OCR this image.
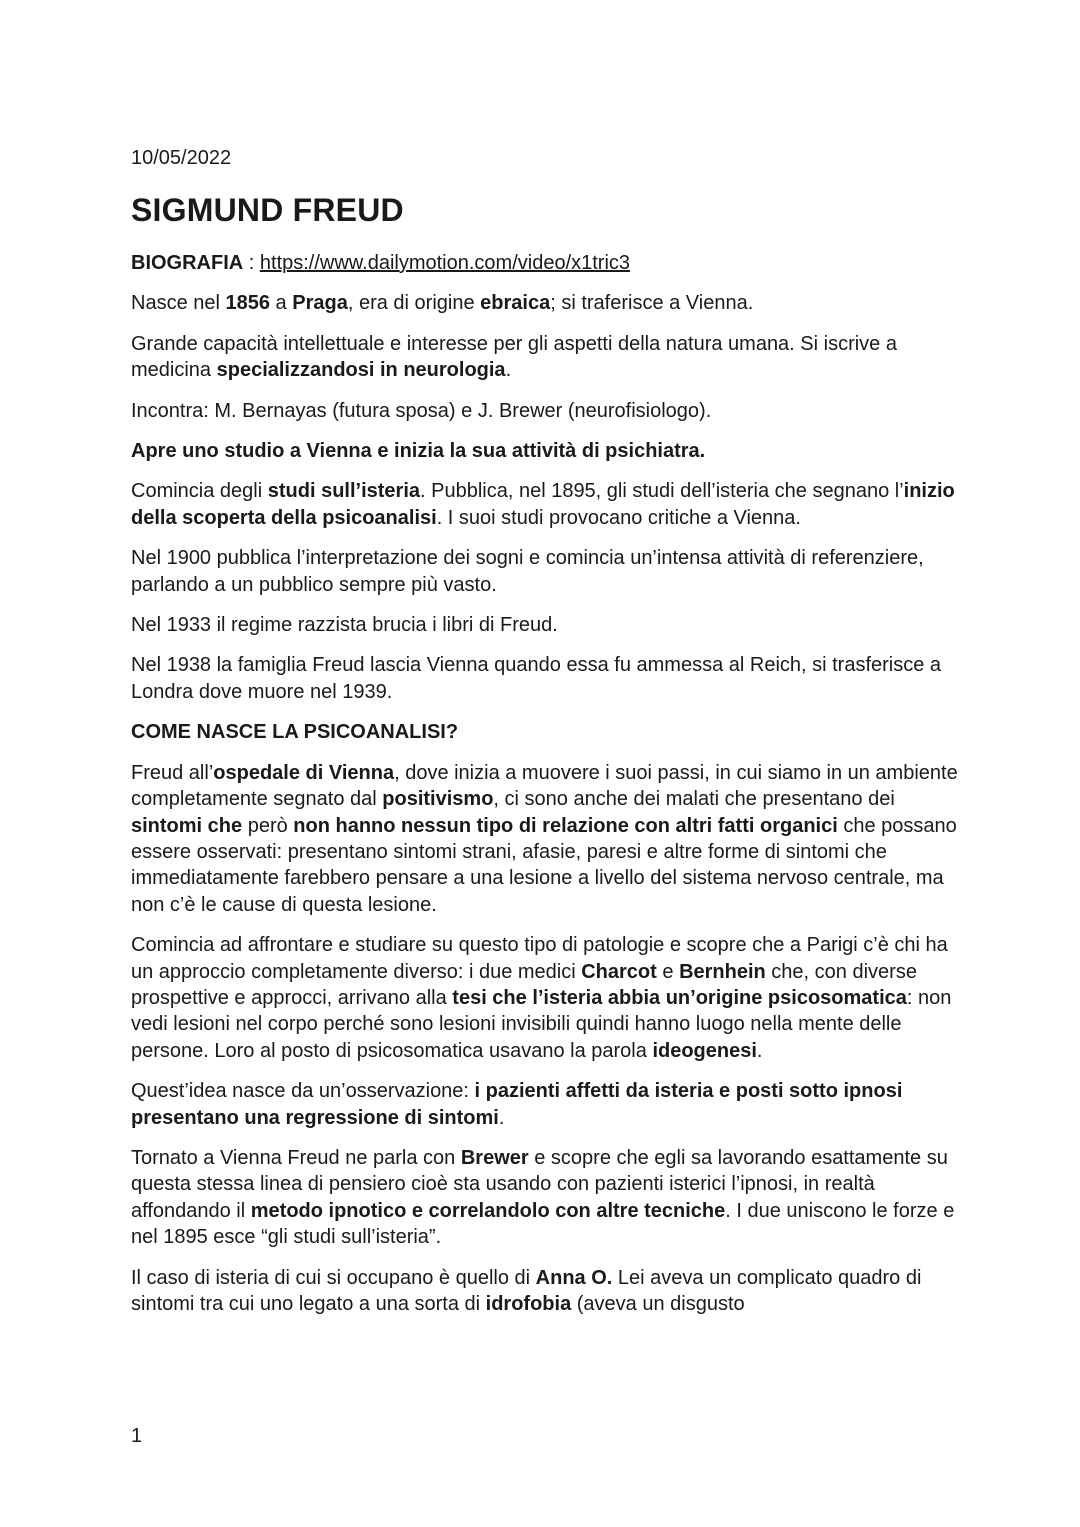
10/05/2022
SIGMUND FREUD

BIOGRAFIA : https://www.dailymotion.com/video/x1tric3

Nasce nel 1856 a Praga, era di origine ebraica; si traferisce a Vienna.

Grande capacità intellettuale e interesse per gli aspetti della natura umana. Si iscrive a medicina specializzandosi in neurologia.

Incontra: M. Bernayas (futura sposa) e J. Brewer (neurofisiologo).

Apre uno studio a Vienna e inizia la sua attività di psichiatra.

Comincia degli studi sull’isteria. Pubblica, nel 1895, gli studi dell’isteria che segnano l’inizio della scoperta della psicoanalisi. I suoi studi provocano critiche a Vienna.

Nel 1900 pubblica l’interpretazione dei sogni e comincia un’intensa attività di referenziere, parlando a un pubblico sempre più vasto.

Nel 1933 il regime razzista brucia i libri di Freud.

Nel 1938 la famiglia Freud lascia Vienna quando essa fu ammessa al Reich, si trasferisce a Londra dove muore nel 1939.

COME NASCE LA PSICOANALISI?

Freud all’ospedale di Vienna, dove inizia a muovere i suoi passi, in cui siamo in un ambiente completamente segnato dal positivismo, ci sono anche dei malati che presentano dei sintomi che però non hanno nessun tipo di relazione con altri fatti organici che possano essere osservati: presentano sintomi strani, afasie, paresi e altre forme di sintomi che immediatamente farebbero pensare a una lesione a livello del sistema nervoso centrale, ma non c’è le cause di questa lesione.

Comincia ad affrontare e studiare su questo tipo di patologie e scopre che a Parigi c’è chi ha un approccio completamente diverso: i due medici Charcot e Bernhein che, con diverse prospettive e approcci, arrivano alla tesi che l’isteria abbia un’origine psicosomatica: non vedi lesioni nel corpo perché sono lesioni invisibili quindi hanno luogo nella mente delle persone. Loro al posto di psicosomatica usavano la parola ideogenesi.

Quest’idea nasce da un’osservazione: i pazienti affetti da isteria e posti sotto ipnosi presentano una regressione di sintomi.

Tornato a Vienna Freud ne parla con Brewer e scopre che egli sa lavorando esattamente su questa stessa linea di pensiero cioè sta usando con pazienti isterici l’ipnosi, in realtà affondando il metodo ipnotico e correlandolo con altre tecniche. I due uniscono le forze e nel 1895 esce “gli studi sull’isteria”.

Il caso di isteria di cui si occupano è quello di Anna O. Lei aveva un complicato quadro di sintomi tra cui uno legato a una sorta di idrofobia (aveva un disgusto

1
